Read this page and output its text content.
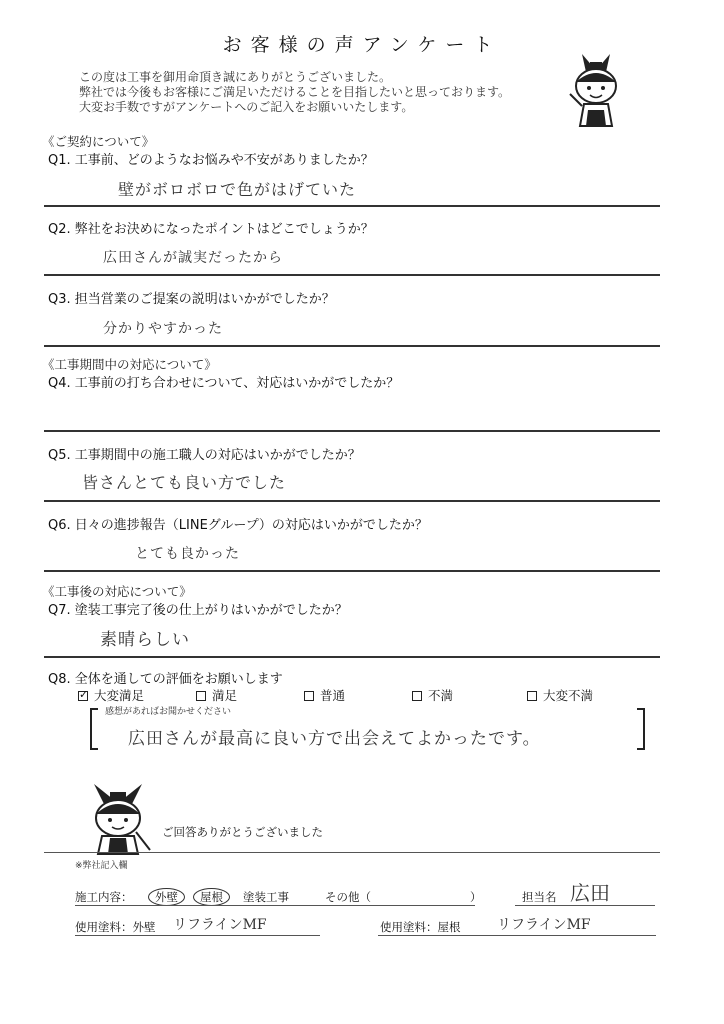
お客様の声アンケート
この度は工事を御用命頂き誠にありがとうございました。
弊社では今後もお客様にご満足いただけることを目指したいと思っております。
大変お手数ですがアンケートへのご記入をお願いいたします。
《ご契約について》
Q1. 工事前、どのようなお悩みや不安がありましたか？
壁がボロボロで色がはげていた
Q2. 弊社をお決めになったポイントはどこでしょうか？
広田さんが誠実だったから
Q3. 担当営業のご提案の説明はいかがでしたか？
分かりやすかった
《工事期間中の対応について》
Q4. 工事前の打ち合わせについて、対応はいかがでしたか？
Q5. 工事期間中の施工職人の対応はいかがでしたか？
皆さんとても良い方でした
Q6. 日々の進捗報告（LINEグループ）の対応はいかがでしたか？
とても良かった
《工事後の対応について》
Q7. 塗装工事完了後の仕上がりはいかがでしたか？
素晴らしい
Q8. 全体を通しての評価をお願いします
✓大変満足	満足	普通	不満	大変不満
感想があればお聞かせください
広田さんが最高に良い方で出会えてよかったです。
ご回答ありがとうございました
※弊社記入欄
施工内容：	外壁	屋根	塗装工事	その他（	）	担当名 広田
使用塗料：外壁 リフラインMF	使用塗料：屋根	リフラインMF
